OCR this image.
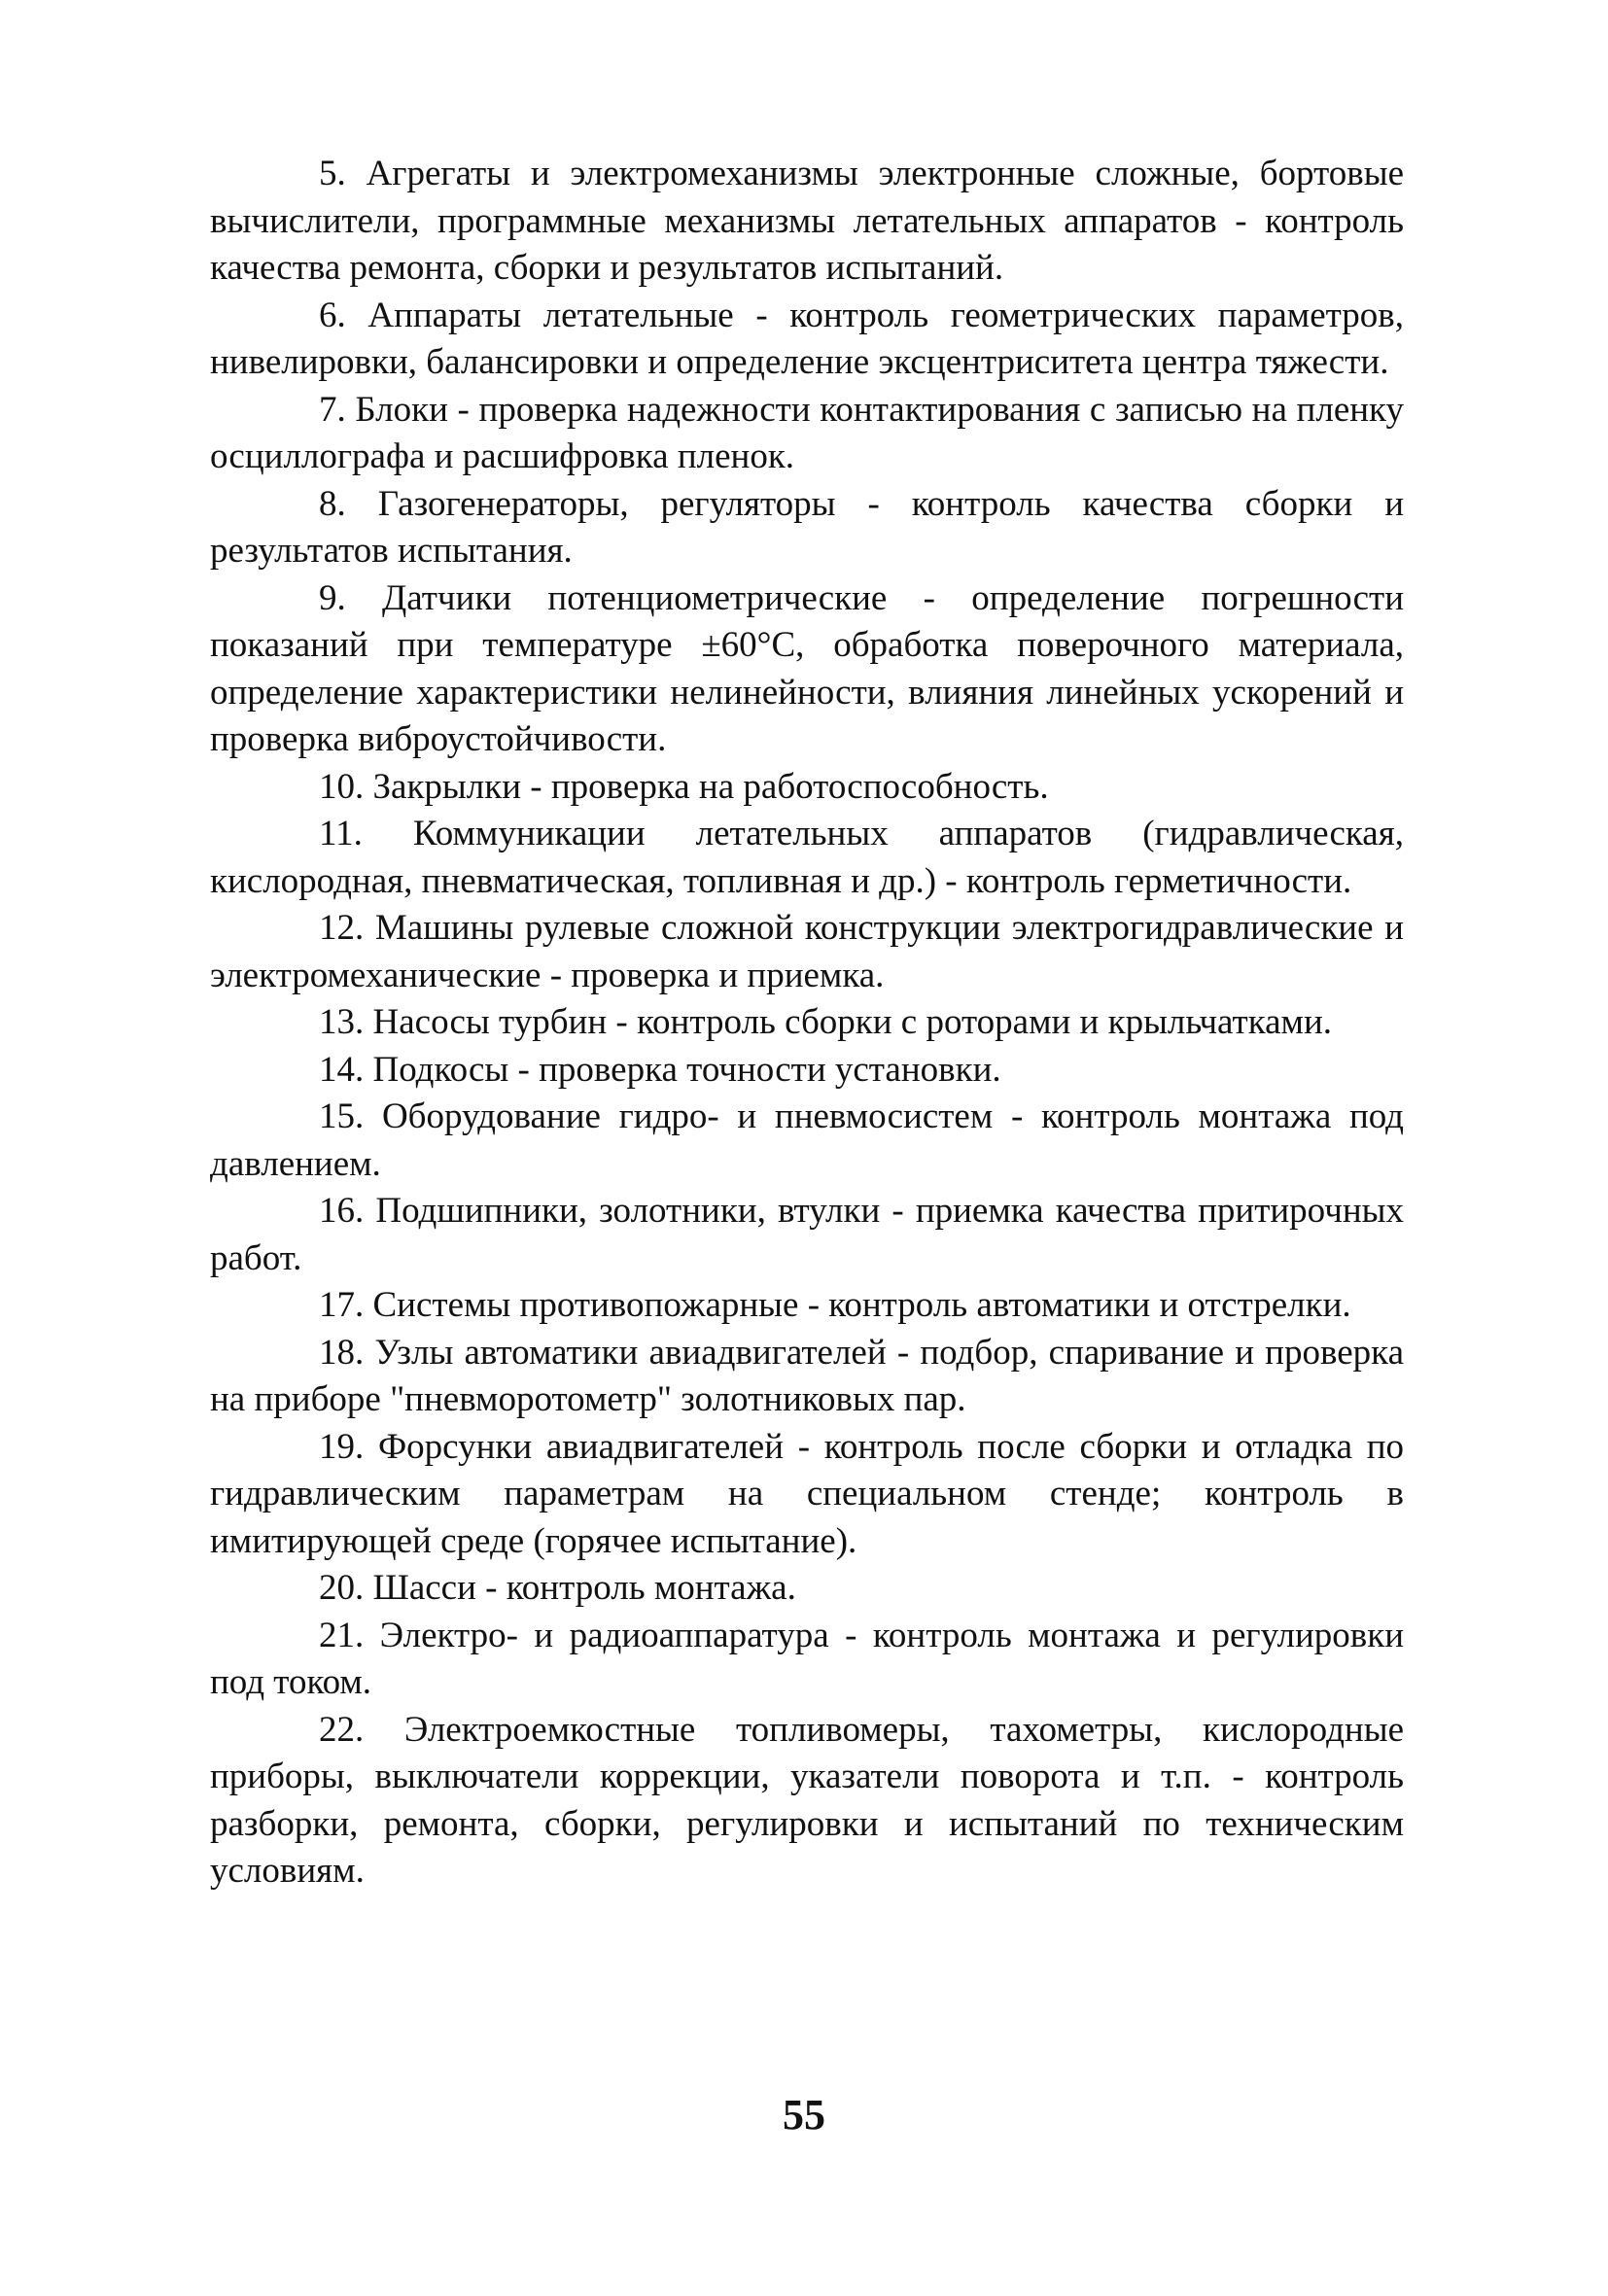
5. Агрегаты и электромеханизмы электронные сложные, бортовые вычислители, программные механизмы летательных аппаратов - контроль качества ремонта, сборки и результатов испытаний.

6. Аппараты летательные - контроль геометрических параметров, нивелировки, балансировки и определение эксцентриситета центра тяжести.

7. Блоки - проверка надежности контактирования с записью на пленку осциллографа и расшифровка пленок.

8. Газогенераторы, регуляторы - контроль качества сборки и результатов испытания.

9. Датчики потенциометрические - определение погрешности показаний при температуре ±60°С, обработка поверочного материала, определение характеристики нелинейности, влияния линейных ускорений и проверка виброустойчивости.

10. Закрылки - проверка на работоспособность.

11. Коммуникации летательных аппаратов (гидравлическая, кислородная, пневматическая, топливная и др.) - контроль герметичности.

12. Машины рулевые сложной конструкции электрогидравлические и электромеханические - проверка и приемка.

13. Насосы турбин - контроль сборки с роторами и крыльчатками.

14. Подкосы - проверка точности установки.

15. Оборудование гидро- и пневмосистем - контроль монтажа под давлением.

16. Подшипники, золотники, втулки - приемка качества притирочных работ.

17. Системы противопожарные - контроль автоматики и отстрелки.

18. Узлы автоматики авиадвигателей - подбор, спаривание и проверка на приборе "пневморотометр" золотниковых пар.

19. Форсунки авиадвигателей - контроль после сборки и отладка по гидравлическим параметрам на специальном стенде; контроль в имитирующей среде (горячее испытание).

20. Шасси - контроль монтажа.

21. Электро- и радиоаппаратура - контроль монтажа и регулировки под током.

22. Электроемкостные топливомеры, тахометры, кислородные приборы, выключатели коррекции, указатели поворота и т.п. - контроль разборки, ремонта, сборки, регулировки и испытаний по техническим условиям.

55
